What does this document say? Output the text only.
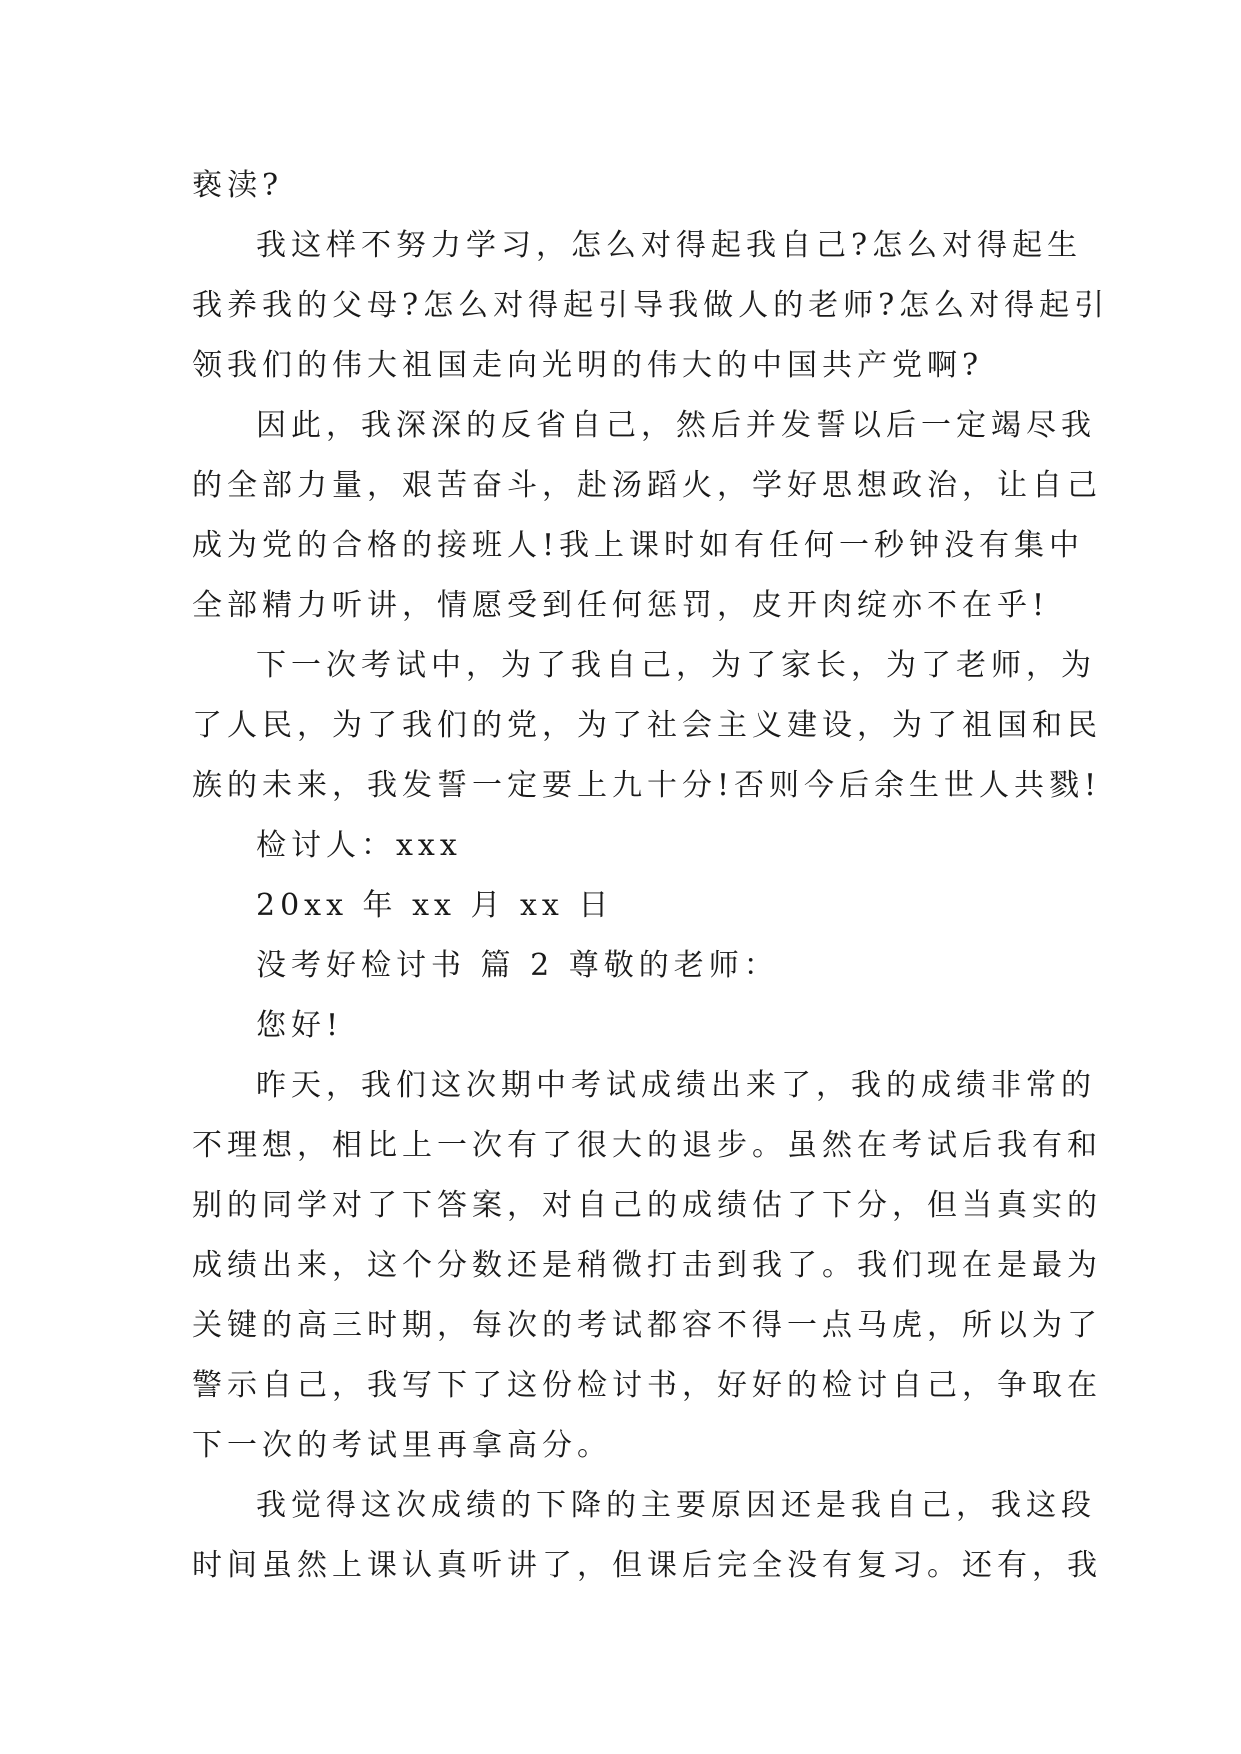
亵渎?
我这样不努力学习，怎么对得起我自己?怎么对得起生
我养我的父母?怎么对得起引导我做人的老师?怎么对得起引
领我们的伟大祖国走向光明的伟大的中国共产党啊?
因此，我深深的反省自己，然后并发誓以后一定竭尽我
的全部力量，艰苦奋斗，赴汤蹈火，学好思想政治，让自己
成为党的合格的接班人!我上课时如有任何一秒钟没有集中
全部精力听讲，情愿受到任何惩罚，皮开肉绽亦不在乎!
下一次考试中，为了我自己，为了家长，为了老师，为
了人民，为了我们的党，为了社会主义建设，为了祖国和民
族的未来，我发誓一定要上九十分!否则今后余生世人共戮!
检讨人：xxx
20xx 年 xx 月 xx 日
没考好检讨书 篇 2 尊敬的老师：
您好!
昨天，我们这次期中考试成绩出来了，我的成绩非常的
不理想，相比上一次有了很大的退步。虽然在考试后我有和
别的同学对了下答案，对自己的成绩估了下分，但当真实的
成绩出来，这个分数还是稍微打击到我了。我们现在是最为
关键的高三时期，每次的考试都容不得一点马虎，所以为了
警示自己，我写下了这份检讨书，好好的检讨自己，争取在
下一次的考试里再拿高分。
我觉得这次成绩的下降的主要原因还是我自己，我这段
时间虽然上课认真听讲了，但课后完全没有复习。还有，我
